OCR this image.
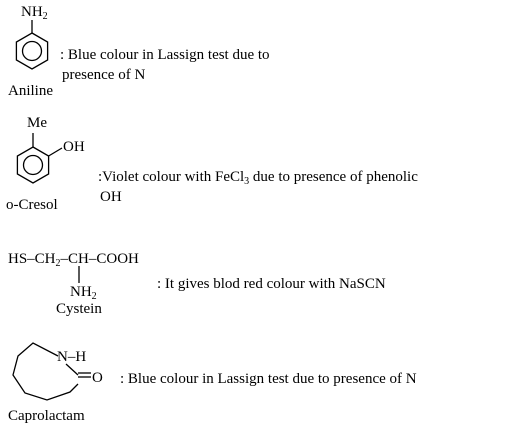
$NH_2$
: Blue colour in Lassign test due to
presence of N
Aniline
Me
OH
:Violet colour with FeCl$_3$ due to presence of phenolic
OH
o-Cresol
$HS-CH_2-CH$–COOH
$NH_2$
: It gives blod red colour with NaSCN
Cystein
N–H
O : Blue colour in Lassign test due to presence of N
Caprolactam
